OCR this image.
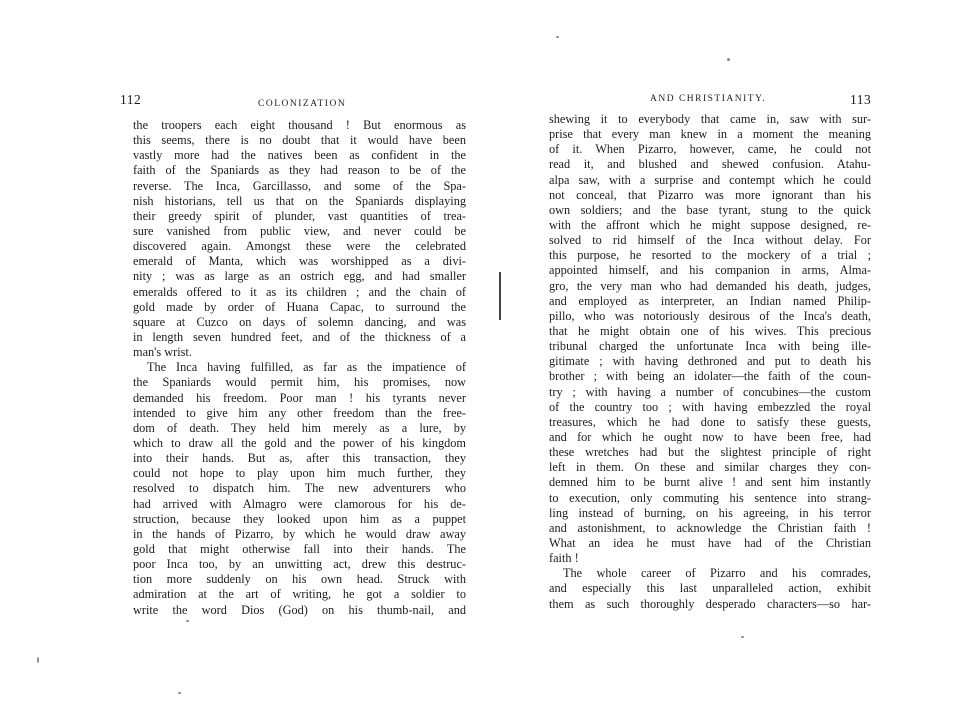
112	COLONIZATION
the troopers each eight thousand ! But enormous as
this seems, there is no doubt that it would have been
vastly more had the natives been as confident in the
faith of the Spaniards as they had reason to be of the
reverse. The Inca, Garcillasso, and some of the Spa-
nish historians, tell us that on the Spaniards displaying
their greedy spirit of plunder, vast quantities of trea-
sure vanished from public view, and never could be
discovered again. Amongst these were the celebrated
emerald of Manta, which was worshipped as a divi-
nity ; was as large as an ostrich egg, and had smaller
emeralds offered to it as its children ; and the chain of
gold made by order of Huana Capac, to surround the
square at Cuzco on days of solemn dancing, and was
in length seven hundred feet, and of the thickness of a
man's wrist.
The Inca having fulfilled, as far as the impatience of
the Spaniards would permit him, his promises, now
demanded his freedom. Poor man ! his tyrants never
intended to give him any other freedom than the free-
dom of death. They held him merely as a lure, by
which to draw all the gold and the power of his kingdom
into their hands. But as, after this transaction, they
could not hope to play upon him much further, they
resolved to dispatch him. The new adventurers who
had arrived with Almagro were clamorous for his de-
struction, because they looked upon him as a puppet
in the hands of Pizarro, by which he would draw away
gold that might otherwise fall into their hands. The
poor Inca too, by an unwitting act, drew this destruc-
tion more suddenly on his own head. Struck with
admiration at the art of writing, he got a soldier to
write the word Dios (God) on his thumb-nail, and
AND CHRISTIANITY.	113
shewing it to everybody that came in, saw with sur-
prise that every man knew in a moment the meaning
of it. When Pizarro, however, came, he could not
read it, and blushed and shewed confusion. Atahu-
alpa saw, with a surprise and contempt which he could
not conceal, that Pizarro was more ignorant than his
own soldiers; and the base tyrant, stung to the quick
with the affront which he might suppose designed, re-
solved to rid himself of the Inca without delay. For
this purpose, he resorted to the mockery of a trial ;
appointed himself, and his companion in arms, Alma-
gro, the very man who had demanded his death, judges,
and employed as interpreter, an Indian named Philip-
pillo, who was notoriously desirous of the Inca's death,
that he might obtain one of his wives. This precious
tribunal charged the unfortunate Inca with being ille-
gitimate ; with having dethroned and put to death his
brother ; with being an idolater—the faith of the coun-
try ; with having a number of concubines—the custom
of the country too ; with having embezzled the royal
treasures, which he had done to satisfy these guests,
and for which he ought now to have been free, had
these wretches had but the slightest principle of right
left in them. On these and similar charges they con-
demned him to be burnt alive ! and sent him instantly
to execution, only commuting his sentence into strang-
ling instead of burning, on his agreeing, in his terror
and astonishment, to acknowledge the Christian faith !
What an idea he must have had of the Christian
faith !
The whole career of Pizarro and his comrades,
and especially this last unparalleled action, exhibit
them as such thoroughly desperado characters—so har-
